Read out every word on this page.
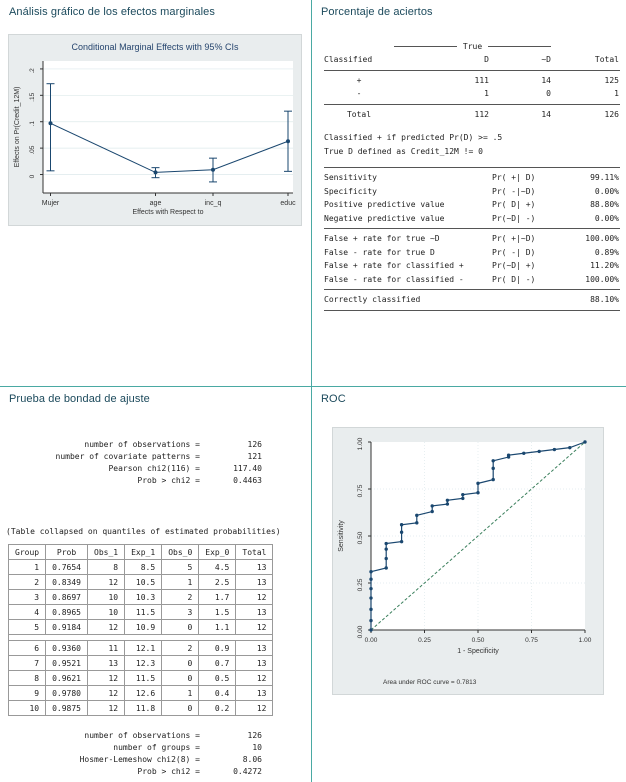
Análisis gráfico de los efectos marginales
Conditional Marginal Effects with 95% CIs
0
.05
.1
.15
.2
Mujer	age	inc_q	educ
Effects with Respect to
Effects on Pr(Credit_12M)
Porcentaje de aciertos
True
Classified	D	~D	Total
+	111	14	125
-	1	0	1
Total	112	14	126
Classified + if predicted Pr(D) >= .5
True D defined as Credit_12M != 0
Sensitivity	Pr( +| D)	99.11%
Specificity	Pr( -|~D)	0.00%
Positive predictive value	Pr( D| +)	88.80%
Negative predictive value	Pr(~D| -)	0.00%
False + rate for true ~D	Pr( +|~D)	100.00%
False - rate for true D	Pr( -| D)	0.89%
False + rate for classified +	Pr(~D| +)	11.20%
False - rate for classified -	Pr( D| -)	100.00%
Correctly classified	88.10%
Prueba de bondad de ajuste
number of observations =	126
number of covariate patterns =	121
Pearson chi2(116) =	117.40
Prob > chi2 =	0.4463
(Table collapsed on quantiles of estimated probabilities)
Group	Prob	Obs_1	Exp_1	Obs_0	Exp_0	Total
1	0.7654	8	8.5	5	4.5	13
2	0.8349	12	10.5	1	2.5	13
3	0.8697	10	10.3	2	1.7	12
4	0.8965	10	11.5	3	1.5	13
5	0.9184	12	10.9	0	1.1	12

6	0.9360	11	12.1	2	0.9	13
7	0.9521	13	12.3	0	0.7	13
8	0.9621	12	11.5	0	0.5	12
9	0.9780	12	12.6	1	0.4	13
10	0.9875	12	11.8	0	0.2	12
number of observations =	126
number of groups =	10
Hosmer-Lemeshow chi2(8) =	8.06
Prob > chi2 =	0.4272
ROC
0.00
0.00
0.25
0.25
0.50
0.50
0.75
0.75
1.00
1.00
1 - Specificity
Sensitivity
Area under ROC curve = 0.7813
